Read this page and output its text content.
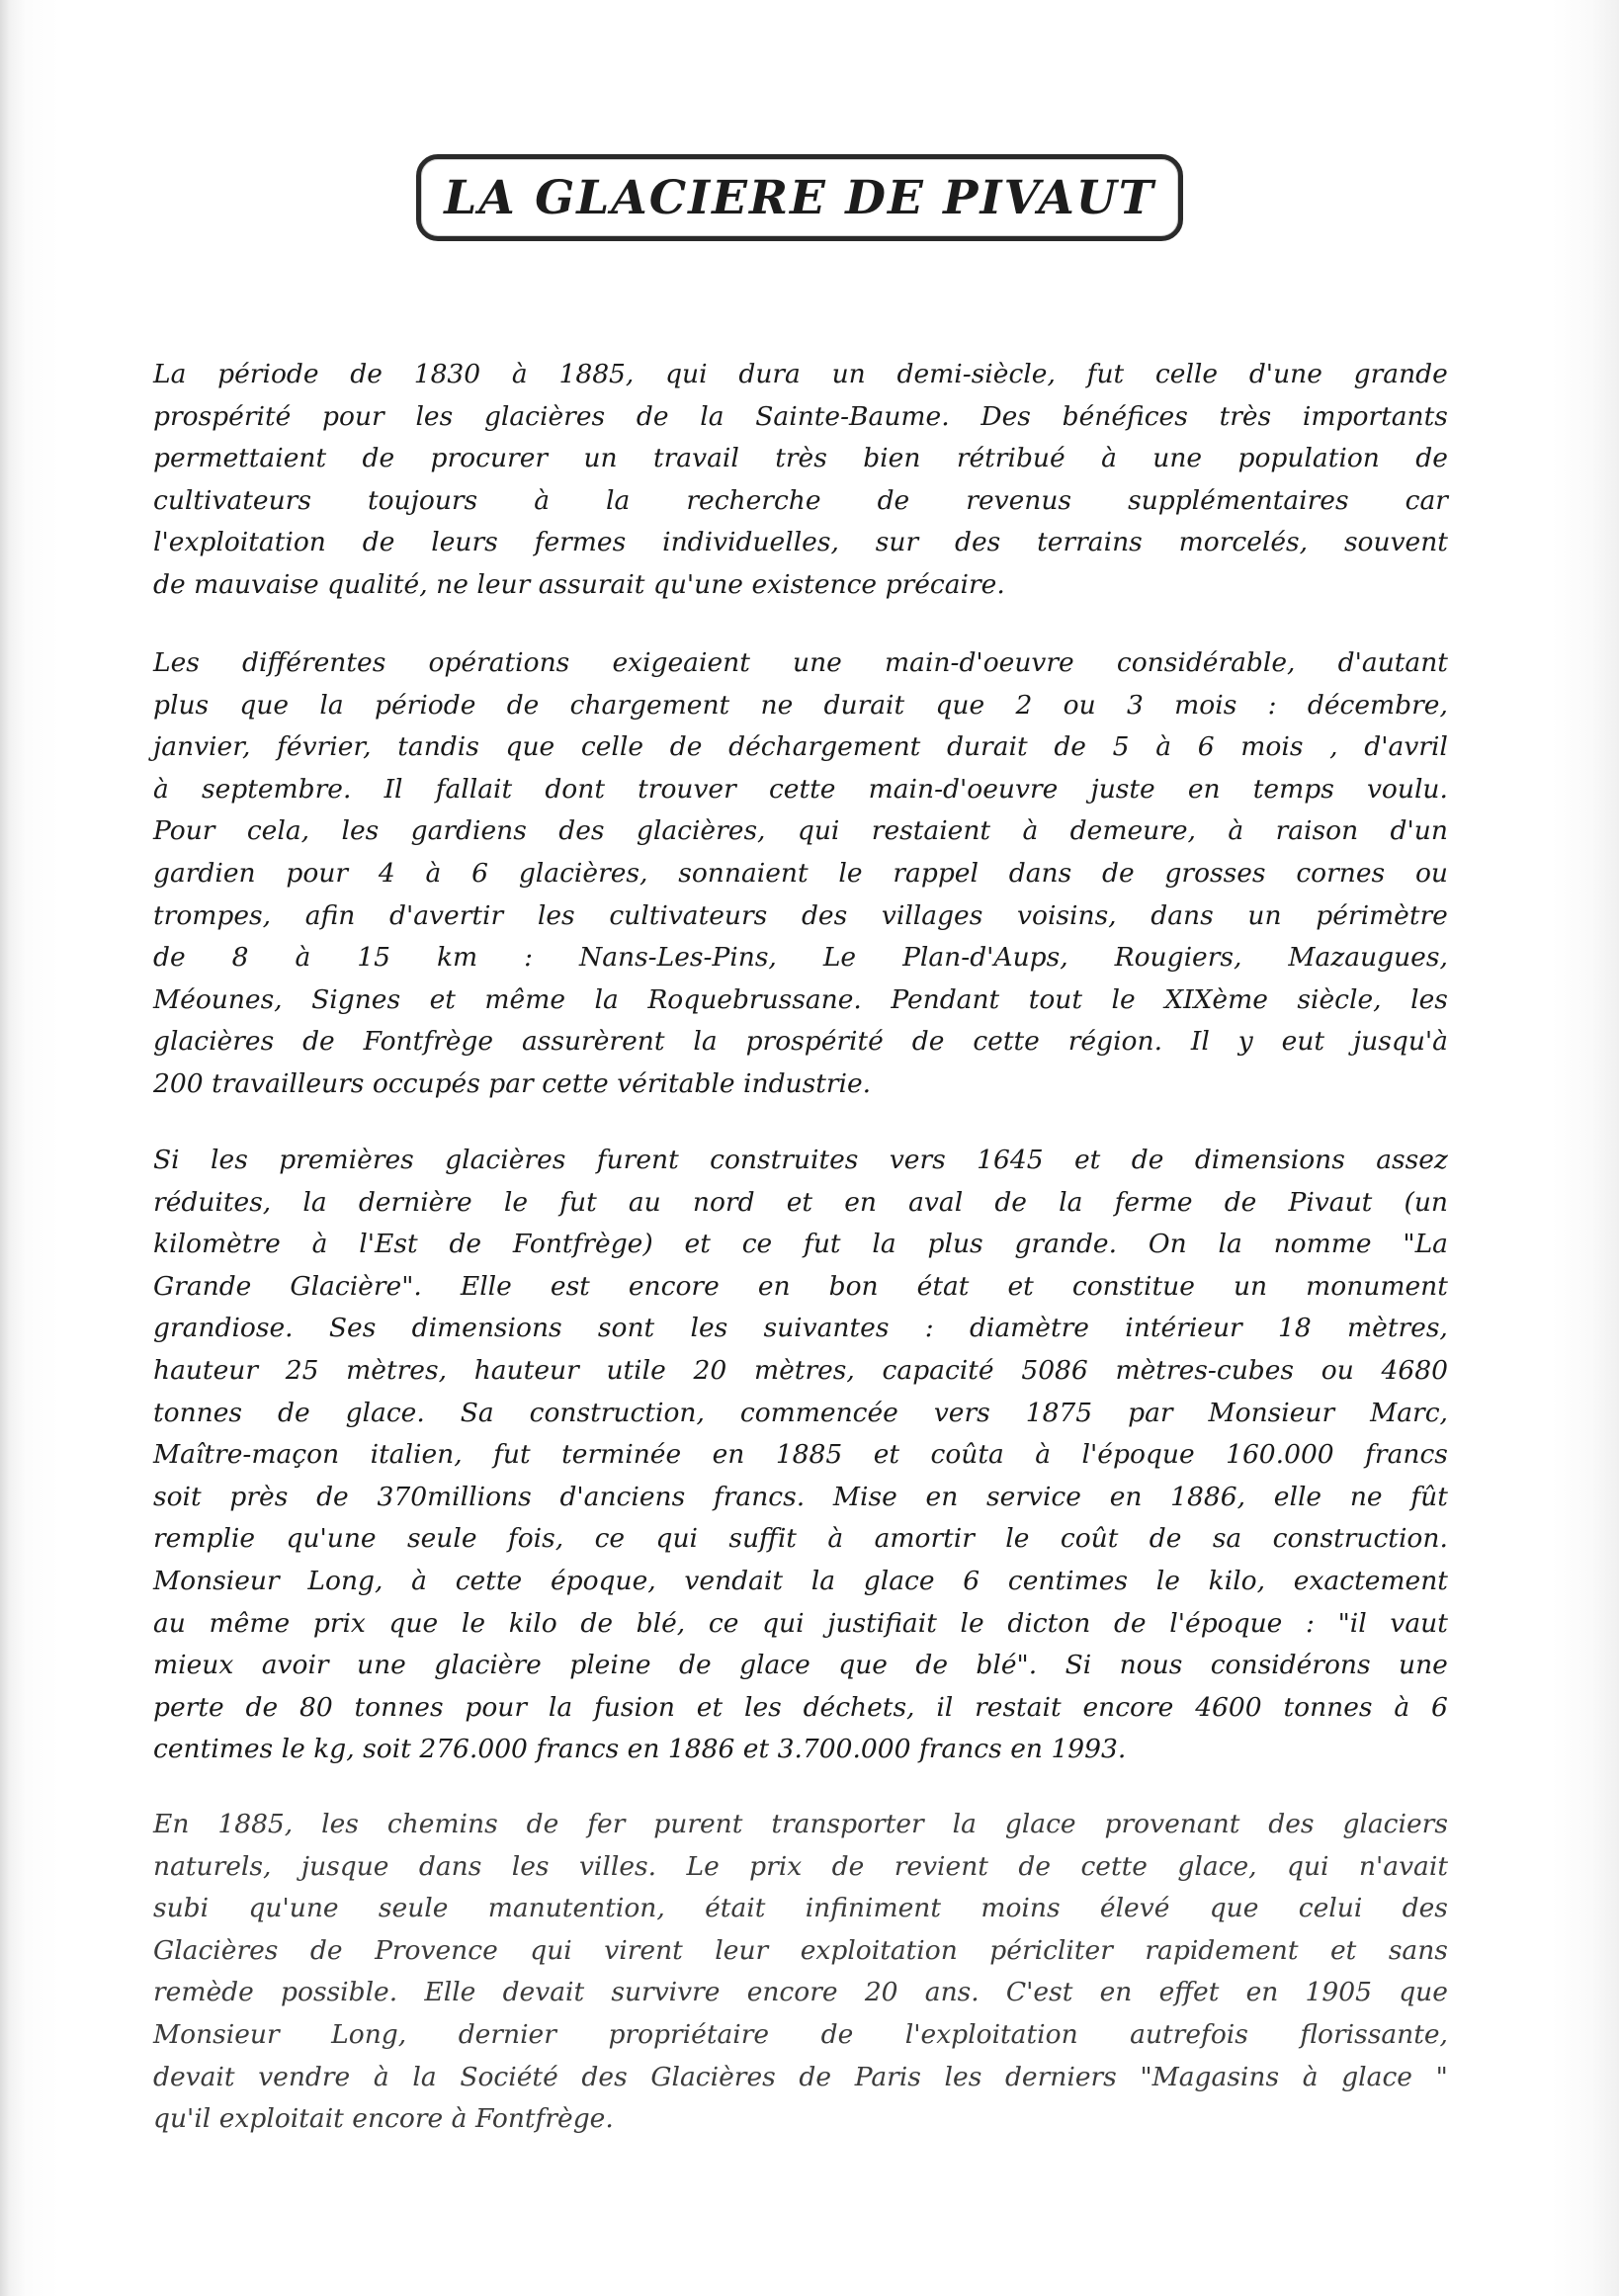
LA GLACIERE DE PIVAUT
La période de 1830 à 1885, qui dura un demi-siècle, fut celle d'une grande
prospérité pour les glacières de la Sainte-Baume. Des bénéfices très importants
permettaient de procurer un travail très bien rétribué à une population de
cultivateurs toujours à la recherche de revenus supplémentaires car
l'exploitation de leurs fermes individuelles, sur des terrains morcelés, souvent
de mauvaise qualité, ne leur assurait qu'une existence précaire.
Les différentes opérations exigeaient une main-d'oeuvre considérable, d'autant
plus que la période de chargement ne durait que 2 ou 3 mois : décembre,
janvier, février, tandis que celle de déchargement durait de 5 à 6 mois , d'avril
à septembre. Il fallait dont trouver cette main-d'oeuvre juste en temps voulu.
Pour cela, les gardiens des glacières, qui restaient à demeure, à raison d'un
gardien pour 4 à 6 glacières, sonnaient le rappel dans de grosses cornes ou
trompes, afin d'avertir les cultivateurs des villages voisins, dans un périmètre
de 8 à 15 km : Nans-Les-Pins, Le Plan-d'Aups, Rougiers, Mazaugues,
Méounes, Signes et même la Roquebrussane. Pendant tout le XIXème siècle, les
glacières de Fontfrège assurèrent la prospérité de cette région. Il y eut jusqu'à
200 travailleurs occupés par cette véritable industrie.
Si les premières glacières furent construites vers 1645 et de dimensions assez
réduites, la dernière le fut au nord et en aval de la ferme de Pivaut (un
kilomètre à l'Est de Fontfrège) et ce fut la plus grande. On la nomme "La
Grande Glacière". Elle est encore en bon état et constitue un monument
grandiose. Ses dimensions sont les suivantes : diamètre intérieur 18 mètres,
hauteur 25 mètres, hauteur utile 20 mètres, capacité 5086 mètres-cubes ou 4680
tonnes de glace. Sa construction, commencée vers 1875 par Monsieur Marc,
Maître-maçon italien, fut terminée en 1885 et coûta à l'époque 160.000 francs
soit près de 370millions d'anciens francs. Mise en service en 1886, elle ne fût
remplie qu'une seule fois, ce qui suffit à amortir le coût de sa construction.
Monsieur Long, à cette époque, vendait la glace 6 centimes le kilo, exactement
au même prix que le kilo de blé, ce qui justifiait le dicton de l'époque : "il vaut
mieux avoir une glacière pleine de glace que de blé". Si nous considérons une
perte de 80 tonnes pour la fusion et les déchets, il restait encore 4600 tonnes à 6
centimes le kg, soit 276.000 francs en 1886 et 3.700.000 francs en 1993.
En 1885, les chemins de fer purent transporter la glace provenant des glaciers
naturels, jusque dans les villes. Le prix de revient de cette glace, qui n'avait
subi qu'une seule manutention, était infiniment moins élevé que celui des
Glacières de Provence qui virent leur exploitation péricliter rapidement et sans
remède possible. Elle devait survivre encore 20 ans. C'est en effet en 1905 que
Monsieur Long, dernier propriétaire de l'exploitation autrefois florissante,
devait vendre à la Société des Glacières de Paris les derniers "Magasins à glace "
qu'il exploitait encore à Fontfrège.
